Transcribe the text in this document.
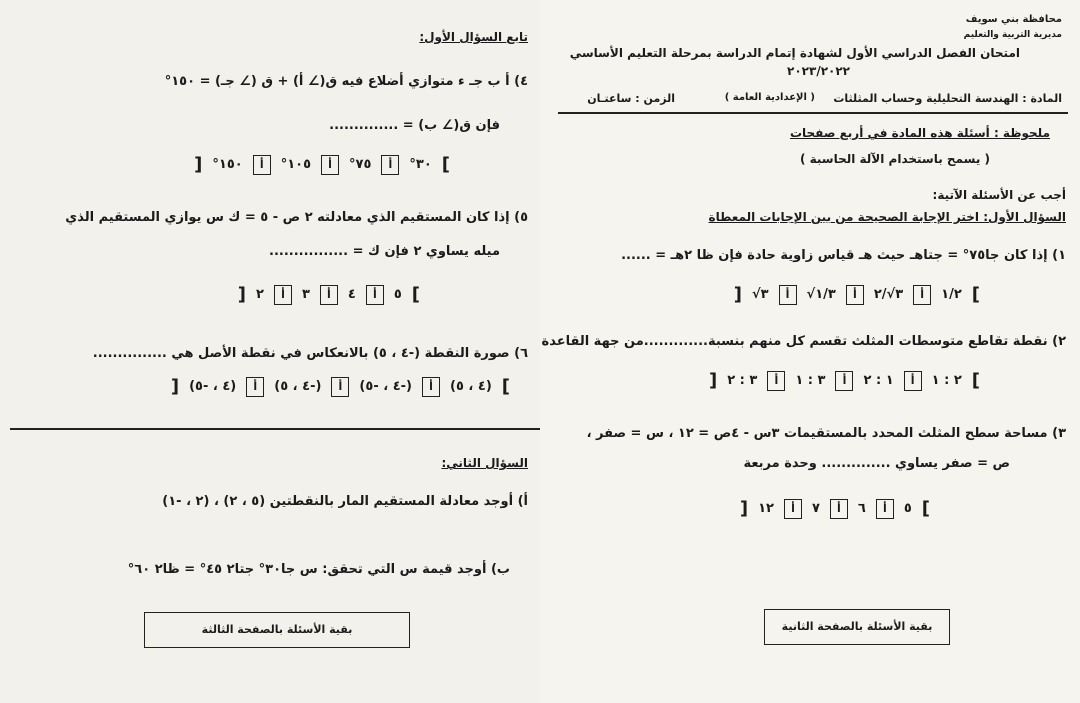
محافظة بني سويف
مديرية التربية والتعليم
امتحان الفصل الدراسي الأول لشهادة إتمام الدراسة بمرحلة التعليم الأساسي
٢٠٢٣/٢٠٢٢
المادة : الهندسة التحليلية وحساب المثلثات
( الإعدادية العامة )
الزمن : ساعتـان
ملحوظة : أسئلة هذه المادة في أربع صفحات
( يسمح باستخدام الآلة الحاسبة )
أجب عن الأسئلة الآتية:
السؤال الأول: اختر الإجابة الصحيحة من بين الإجابات المعطاة
١) إذا كان جا٧٥° = جتاهـ حيث هـ قياس زاوية حادة فإن ظا ٢هـ = ......
]
١/٢
أ
٣√/٢
أ
١/٣√
أ
٣√
[
٢) نقطة تقاطع متوسطات المثلث تقسم كل منهم بنسبة.............من جهة القاعدة
]
٢ : ١
أ
١ : ٢
أ
٣ : ١
أ
٣ : ٢
[
٣) مساحة سطح المثلث المحدد بالمستقيمات ٣س - ٤ص = ١٢ ، س = صفر ،
ص = صفر يساوي .............. وحدة مربعة
]
٥
أ
٦
أ
٧
أ
١٢
[
بقية الأسئلة بالصفحة الثانية
تابع السؤال الأول:
٤) أ ب جـ ء متوازي أضلاع فيه ق(∠ أ) + ق (∠ جـ) = ١٥٠°
فإن ق(∠ ب) = ..............
]
٣٠°
أ
٧٥°
أ
١٠٥°
أ
١٥٠°
[
٥) إذا كان المستقيم الذي معادلته ٢ ص - ٥ = ك س يوازي المستقيم الذي
ميله يساوي ٢ فإن ك = ................
]
٥
أ
٤
أ
٣
أ
٢
[
٦) صورة النقطة (-٤ ، ٥) بالانعكاس في نقطة الأصل هي ...............
]
(٤ ، ٥)
أ
(-٤ ، -٥)
أ
(-٤ ، ٥)
أ
(٤ ، -٥)
[
السؤال الثاني:
أ) أوجد معادلة المستقيم المار بالنقطتين (٥ ، ٢) ، (٢ ، -١)
ب) أوجد قيمة س التي تحقق: س جا٣٠° جتا٢ ٤٥° = ظا٢ ٦٠°
بقية الأسئلة بالصفحة الثالثة
